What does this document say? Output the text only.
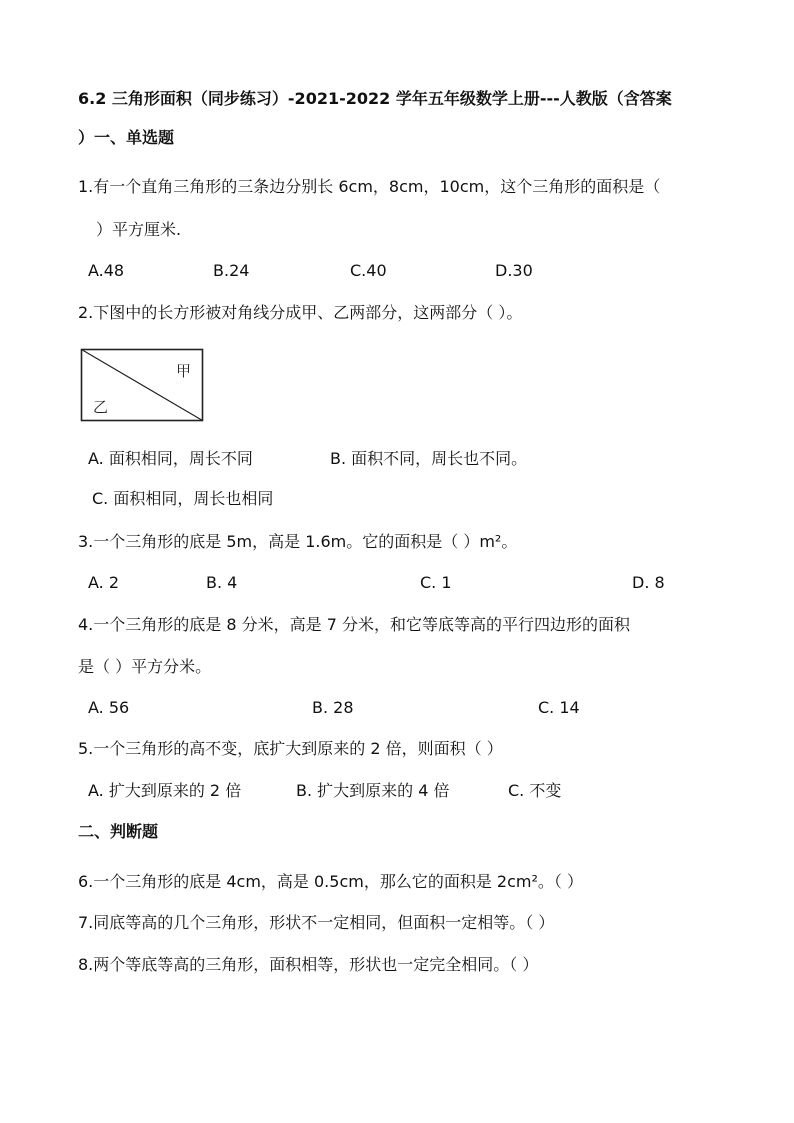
6.2 三角形面积（同步练习）-2021-2022 学年五年级数学上册---人教版（含答案
）一、单选题
1.有一个直角三角形的三条边分别长 6cm，8cm，10cm，这个三角形的面积是（
）平方厘米.
A.48	B.24	C.40	D.30
2.下图中的长方形被对角线分成甲、乙两部分，这两部分（ ）。
甲
乙
A. 面积相同，周长不同	B. 面积不同，周长也不同。
C. 面积相同，周长也相同
3.一个三角形的底是 5m，高是 1.6m。它的面积是（ ）m²。
A. 2	B. 4	C. 1	D. 8
4.一个三角形的底是 8 分米，高是 7 分米，和它等底等高的平行四边形的面积
是（ ）平方分米。
A. 56	B. 28	C. 14
5.一个三角形的高不变，底扩大到原来的 2 倍，则面积（ ）
A. 扩大到原来的 2 倍	B. 扩大到原来的 4 倍	C. 不变
二、判断题
6.一个三角形的底是 4cm，高是 0.5cm，那么它的面积是 2cm²。（ ）
7.同底等高的几个三角形，形状不一定相同，但面积一定相等。（ ）
8.两个等底等高的三角形，面积相等，形状也一定完全相同。（ ）
